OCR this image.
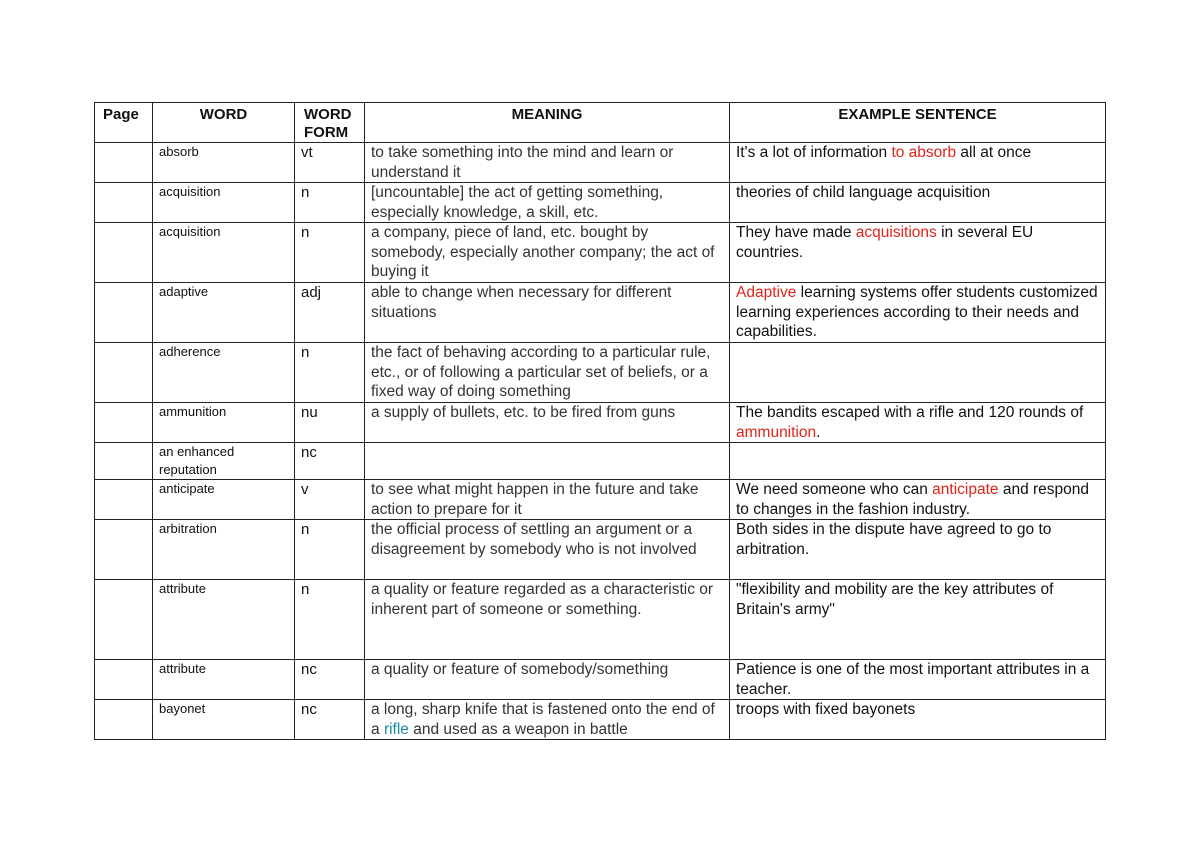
Page	WORD	WORD FORM	MEANING	EXAMPLE SENTENCE
	absorb	vt	to take something into the mind and learn or understand it	It's a lot of information to absorb all at once
	acquisition	n	[uncountable] the act of getting something, especially knowledge, a skill, etc.	theories of child language acquisition
	acquisition	n	a company, piece of land, etc. bought by somebody, especially another company; the act of buying it	They have made acquisitions in several EU countries.
	adaptive	adj	able to change when necessary for different situations	Adaptive learning systems offer students customized learning experiences according to their needs and capabilities.
	adherence	n	the fact of behaving according to a particular rule, etc., or of following a particular set of beliefs, or a fixed way of doing something	
	ammunition	nu	a supply of bullets, etc. to be fired from guns	The bandits escaped with a rifle and 120 rounds of ammunition.
	an enhanced reputation	nc		
	anticipate	v	to see what might happen in the future and take action to prepare for it	We need someone who can anticipate and respond to changes in the fashion industry.
	arbitration	n	the official process of settling an argument or a disagreement by somebody who is not involved	Both sides in the dispute have agreed to go to arbitration.
	attribute	n	a quality or feature regarded as a characteristic or inherent part of someone or something.	"flexibility and mobility are the key attributes of Britain's army"
	attribute	nc	a quality or feature of somebody/something	Patience is one of the most important attributes in a teacher.
	bayonet	nc	a long, sharp knife that is fastened onto the end of a rifle and used as a weapon in battle	troops with fixed bayonets
